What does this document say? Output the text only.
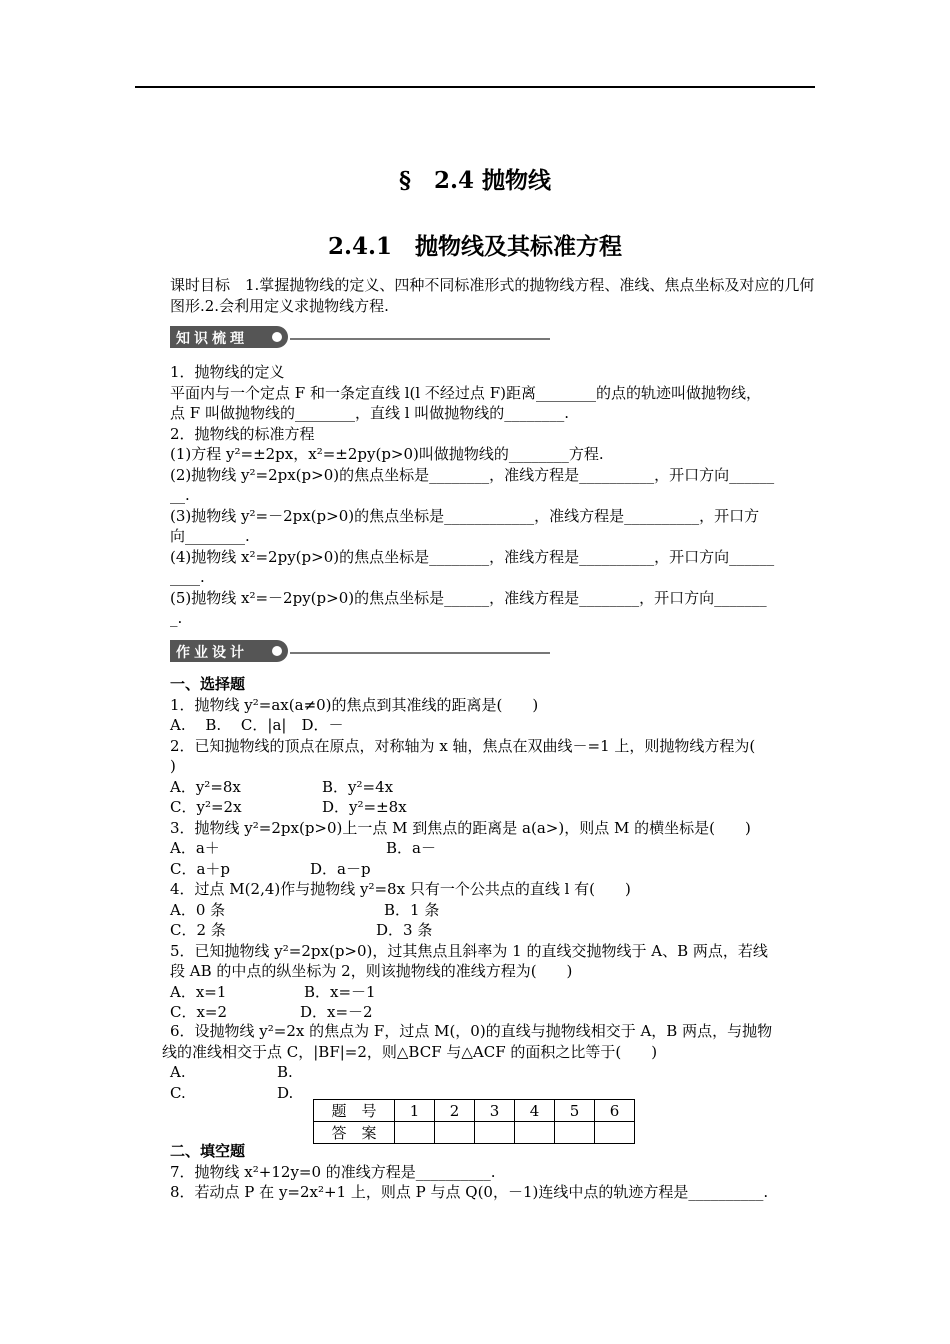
§　2.4 抛物线
2.4.1　抛物线及其标准方程
课时目标　1.掌握抛物线的定义、四种不同标准形式的抛物线方程、准线、焦点坐标及对应的几何图形.2.会利用定义求抛物线方程.
知识梳理

1．抛物线的定义

平面内与一个定点 F 和一条定直线 l(l 不经过点 F)距离________的点的轨迹叫做抛物线，

点 F 叫做抛物线的________，直线 l 叫做抛物线的________.

2．抛物线的标准方程

(1)方程 y²=±2px，x²=±2py(p>0)叫做抛物线的________方程.

(2)抛物线 y²=2px(p>0)的焦点坐标是________，准线方程是__________，开口方向______

__.

(3)抛物线 y²=－2px(p>0)的焦点坐标是____________，准线方程是__________，开口方

向________.

(4)抛物线 x²=2py(p>0)的焦点坐标是________，准线方程是__________，开口方向______

____.

(5)抛物线 x²=－2py(p>0)的焦点坐标是______，准线方程是________，开口方向_______

_.

作业设计

一、选择题

1．抛物线 y²=ax(a≠0)的焦点到其准线的距离是(　　)

A.　 B.　 C．|a|　D．－

2．已知抛物线的顶点在原点，对称轴为 x 轴，焦点在双曲线－=1 上，则抛物线方程为(

)

A．y²=8x	B．y²=4x

C．y²=2x	D．y²=±8x

3．抛物线 y²=2px(p>0)上一点 M 到焦点的距离是 a(a>)，则点 M 的横坐标是(　　)

A．a＋	B．a－

C．a＋p	D．a－p

4．过点 M(2,4)作与抛物线 y²=8x 只有一个公共点的直线 l 有(　　)

A．0 条	B．1 条

C．2 条	D．3 条

5．已知抛物线 y²=2px(p>0)，过其焦点且斜率为 1 的直线交抛物线于 A、B 两点，若线

段 AB 的中点的纵坐标为 2，则该抛物线的准线方程为(　　)

A．x=1	B．x=－1

C．x=2	D．x=－2

6．设抛物线 y²=2x 的焦点为 F，过点 M(，0)的直线与抛物线相交于 A，B 两点，与抛物

线的准线相交于点 C，|BF|=2，则△BCF 与△ACF 的面积之比等于(　　)

A.	B.

C.	D.

题　号	1	2	3	4	5	6
答　案						

二、填空题

7．抛物线 x²+12y=0 的准线方程是__________.

8．若动点 P 在 y=2x²+1 上，则点 P 与点 Q(0，－1)连线中点的轨迹方程是__________.
